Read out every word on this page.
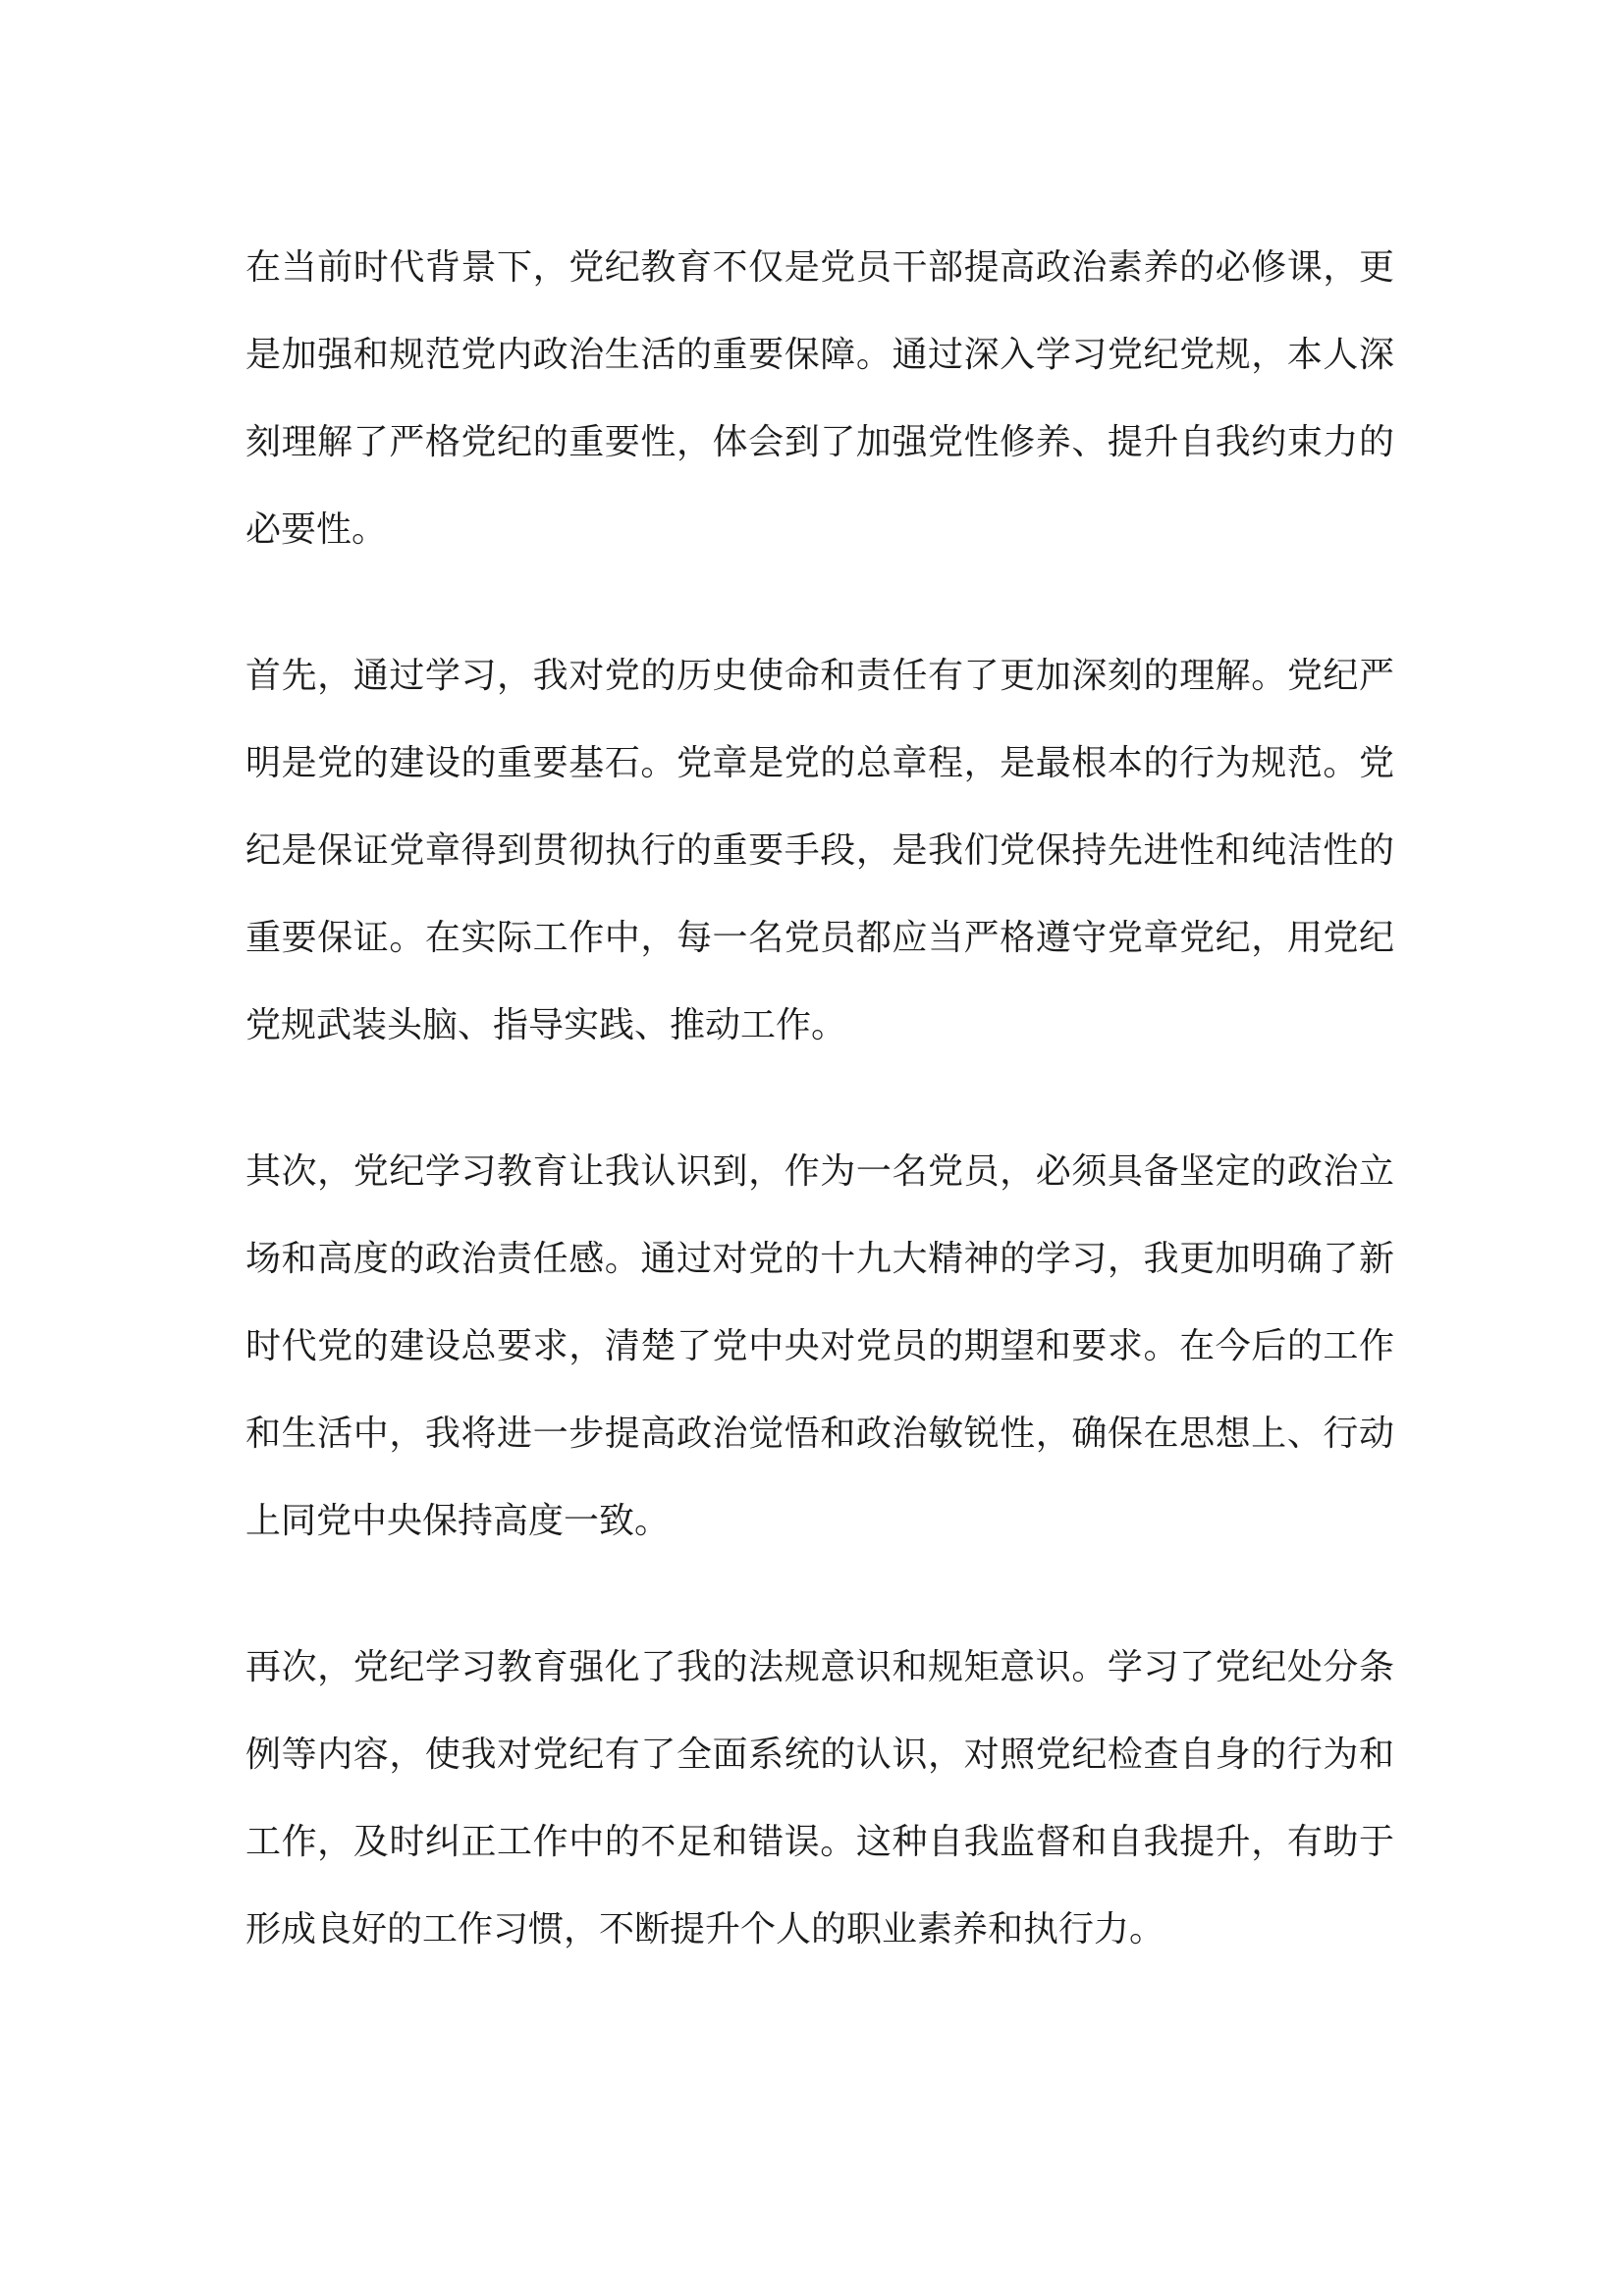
在当前时代背景下，党纪教育不仅是党员干部提高政治素养的必修课，更
是加强和规范党内政治生活的重要保障。通过深入学习党纪党规，本人深
刻理解了严格党纪的重要性，体会到了加强党性修养、提升自我约束力的
必要性。

首先，通过学习，我对党的历史使命和责任有了更加深刻的理解。党纪严
明是党的建设的重要基石。党章是党的总章程，是最根本的行为规范。党
纪是保证党章得到贯彻执行的重要手段，是我们党保持先进性和纯洁性的
重要保证。在实际工作中，每一名党员都应当严格遵守党章党纪，用党纪
党规武装头脑、指导实践、推动工作。

其次，党纪学习教育让我认识到，作为一名党员，必须具备坚定的政治立
场和高度的政治责任感。通过对党的十九大精神的学习，我更加明确了新
时代党的建设总要求，清楚了党中央对党员的期望和要求。在今后的工作
和生活中，我将进一步提高政治觉悟和政治敏锐性，确保在思想上、行动
上同党中央保持高度一致。

再次，党纪学习教育强化了我的法规意识和规矩意识。学习了党纪处分条
例等内容，使我对党纪有了全面系统的认识，对照党纪检查自身的行为和
工作，及时纠正工作中的不足和错误。这种自我监督和自我提升，有助于
形成良好的工作习惯，不断提升个人的职业素养和执行力。
